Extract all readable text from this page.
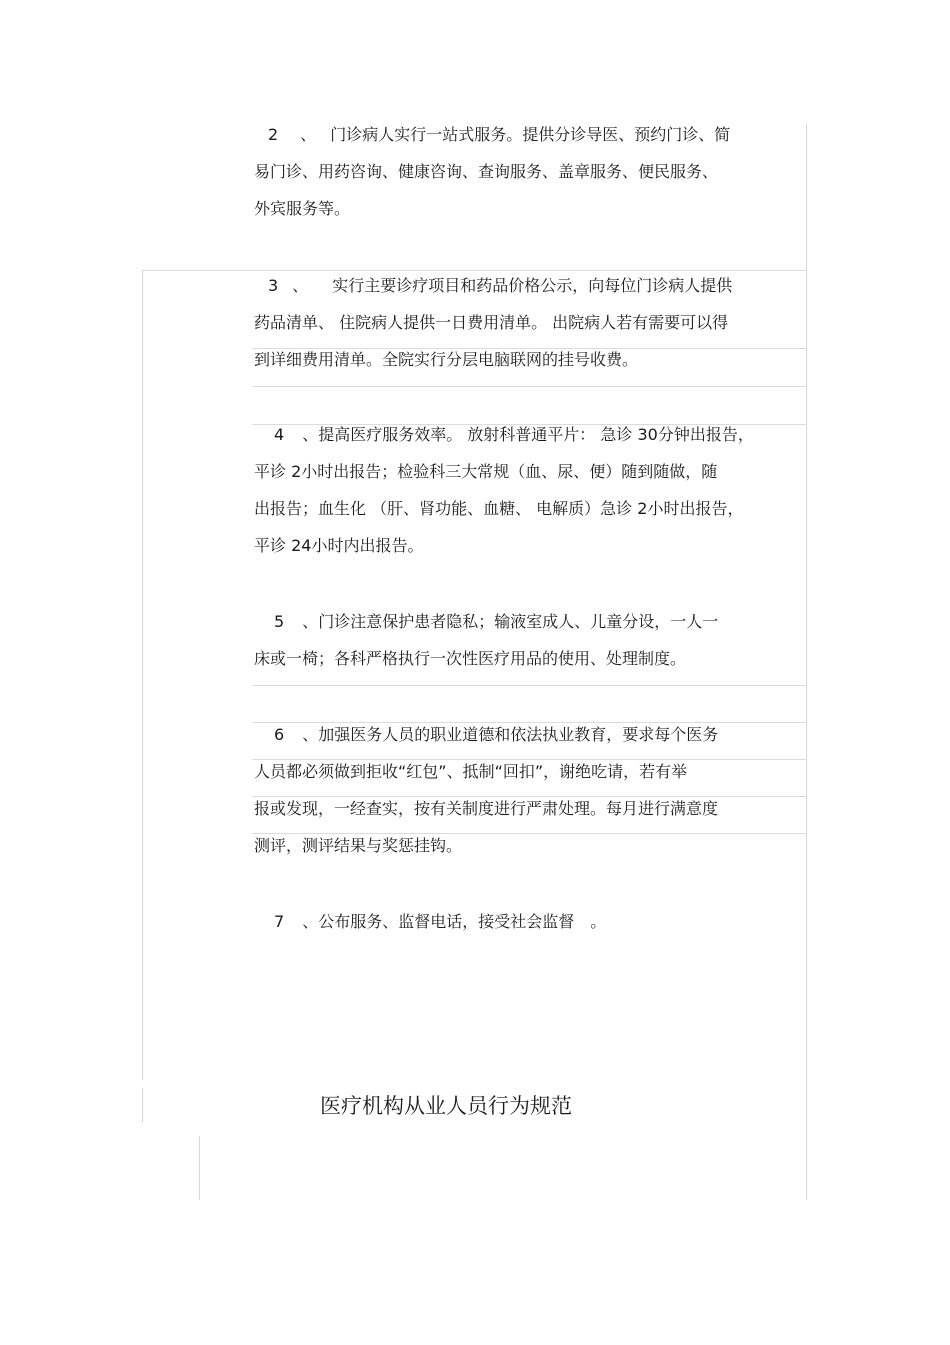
2 、 门诊病人实行一站式服务。提供分诊导医、预约门诊、简
易门诊、用药咨询、健康咨询、查询服务、盖章服务、便民服务、
外宾服务等。
3 、 实行主要诊疗项目和药品价格公示，向每位门诊病人提供
药品清单、 住院病人提供一日费用清单。 出院病人若有需要可以得
到详细费用清单。全院实行分层电脑联网的挂号收费。
4 、提高医疗服务效率。 放射科普通平片： 急诊 30分钟出报告，
平诊 2小时出报告；检验科三大常规（血、尿、便）随到随做，随
出报告；血生化 （肝、肾功能、血糖、 电解质）急诊 2小时出报告，
平诊 24小时内出报告。
5 、门诊注意保护患者隐私；输液室成人、儿童分设，一人一
床或一椅；各科严格执行一次性医疗用品的使用、处理制度。
6 、加强医务人员的职业道德和依法执业教育，要求每个医务
人员都必须做到拒收“红包”、抵制“回扣”，谢绝吃请，若有举
报或发现，一经查实，按有关制度进行严肃处理。每月进行满意度
测评，测评结果与奖惩挂钩。
7 、公布服务、监督电话，接受社会监督　。
医疗机构从业人员行为规范
